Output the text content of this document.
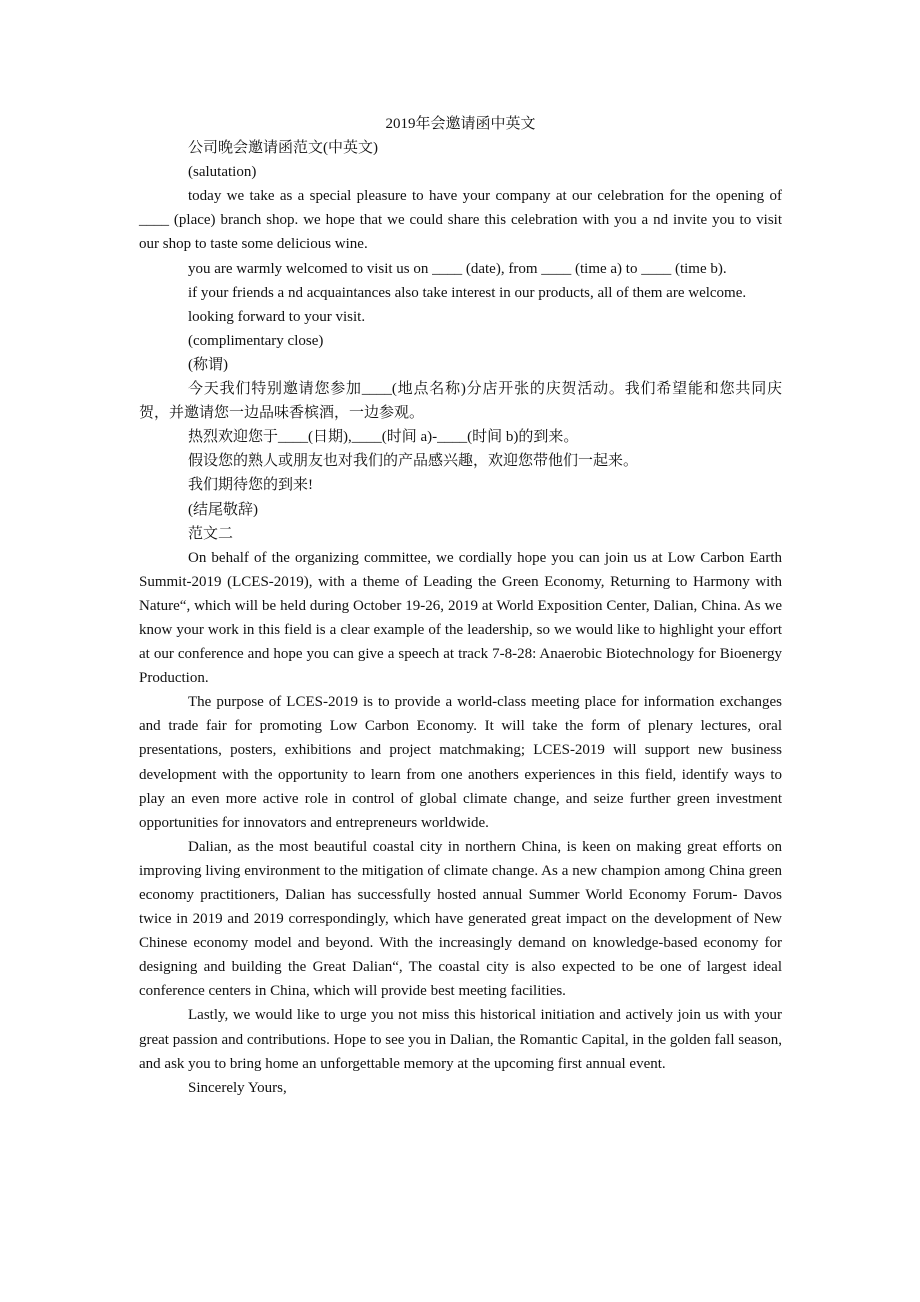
2019年会邀请函中英文

公司晚会邀请函范文(中英文)

(salutation)

today we take as a special pleasure to have your company at our celebration for the opening of ____ (place) branch shop. we hope that we could share this celebration with you a nd invite you to visit our shop to taste some delicious wine.

you are warmly welcomed to visit us on ____ (date), from ____ (time a) to ____ (time b).

if your friends a nd acquaintances also take interest in our products, all of them are welcome.

looking forward to your visit.

(complimentary close)

(称谓)

今天我们特别邀请您参加____(地点名称)分店开张的庆贺活动。我们希望能和您共同庆贺，并邀请您一边品味香槟酒，一边参观。

热烈欢迎您于____(日期),____(时间 a)-____(时间 b)的到来。

假设您的熟人或朋友也对我们的产品感兴趣，欢迎您带他们一起来。

我们期待您的到来!

(结尾敬辞)

范文二

On behalf of the organizing committee, we cordially hope you can join us at Low Carbon Earth Summit-2019 (LCES-2019), with a theme of Leading the Green Economy, Returning to Harmony with Nature“, which will be held during October 19-26, 2019 at World Exposition Center, Dalian, China. As we know your work in this field is a clear example of the leadership, so we would like to highlight your effort at our conference and hope you can give a speech at track 7-8-28: Anaerobic Biotechnology for Bioenergy Production.

The purpose of LCES-2019 is to provide a world-class meeting place for information exchanges and trade fair for promoting Low Carbon Economy. It will take the form of plenary lectures, oral presentations, posters, exhibitions and project matchmaking; LCES-2019 will support new business development with the opportunity to learn from one anothers experiences in this field, identify ways to play an even more active role in control of global climate change, and seize further green investment opportunities for innovators and entrepreneurs worldwide.

Dalian, as the most beautiful coastal city in northern China, is keen on making great efforts on improving living environment to the mitigation of climate change. As a new champion among China green economy practitioners, Dalian has successfully hosted annual Summer World Economy Forum- Davos twice in 2019 and 2019 correspondingly, which have generated great impact on the development of New Chinese economy model and beyond. With the increasingly demand on knowledge-based economy for designing and building the Great Dalian“, The coastal city is also expected to be one of largest ideal conference centers in China, which will provide best meeting facilities.

Lastly, we would like to urge you not miss this historical initiation and actively join us with your great passion and contributions. Hope to see you in Dalian, the Romantic Capital, in the golden fall season, and ask you to bring home an unforgettable memory at the upcoming first annual event.

Sincerely Yours,
